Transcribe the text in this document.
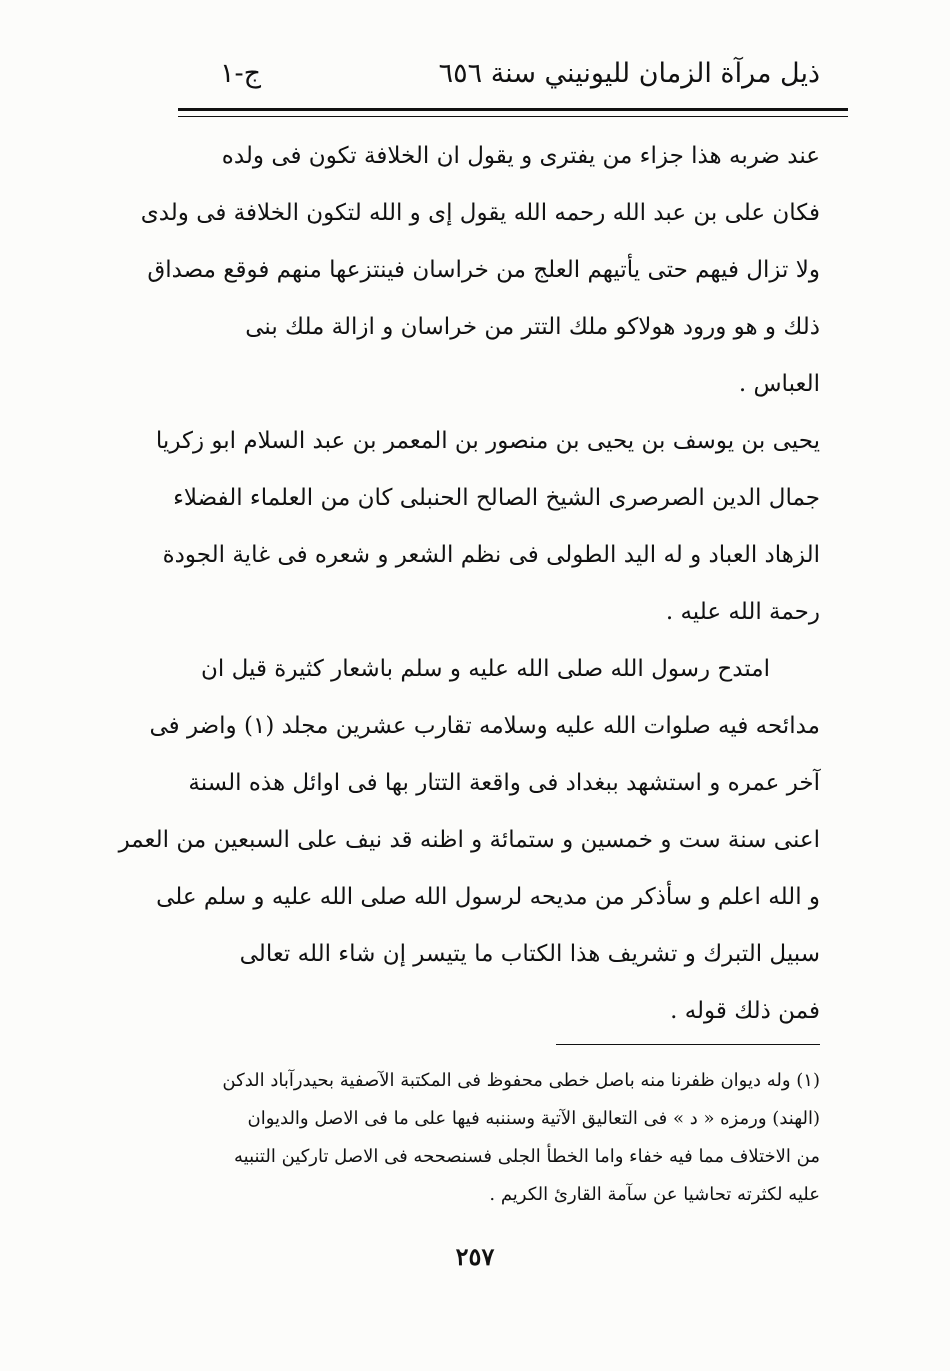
ذيل مرآة الزمان لليونيني سنة ٦٥٦
ج-١
عند ضربه هذا جزاء من يفترى و يقول ان الخلافة تكون فى ولده
فكان على بن عبد الله رحمه الله يقول إى و الله لتكون الخلافة فى ولدى
ولا تزال فيهم حتى يأتيهم العلج من خراسان فينتزعها منهم فوقع مصداق
ذلك و هو ورود هولاكو ملك التتر من خراسان و ازالة ملك بنى
العباس .
يحيى بن يوسف بن يحيى بن منصور بن المعمر بن عبد السلام ابو زكريا
جمال الدين الصرصرى الشيخ الصالح الحنبلى كان من العلماء الفضلاء
الزهاد العباد و له اليد الطولى فى نظم الشعر و شعره فى غاية الجودة
رحمة الله عليه .
امتدح رسول الله صلى الله عليه و سلم باشعار كثيرة قيل ان
مدائحه فيه صلوات الله عليه وسلامه تقارب عشرين مجلد (١) واضر فى
آخر عمره و استشهد ببغداد فى واقعة التتار بها فى اوائل هذه السنة
اعنى سنة ست و خمسين و ستمائة و اظنه قد نيف على السبعين من العمر
و الله اعلم و سأذكر من مديحه لرسول الله صلى الله عليه و سلم على
سبيل التبرك و تشريف هذا الكتاب ما يتيسر إن شاء الله تعالى
فمن ذلك قوله .
(١) وله ديوان ظفرنا منه باصل خطى محفوظ فى المكتبة الآصفية بحيدرآباد الدكن
(الهند) ورمزه « د » فى التعاليق الآتية وسننبه فيها على ما فى الاصل والديوان
من الاختلاف مما فيه خفاء واما الخطأ الجلى فسنصححه فى الاصل تاركين التنبيه
عليه لكثرته تحاشيا عن سآمة القارئ الكريم .
٢٥٧
